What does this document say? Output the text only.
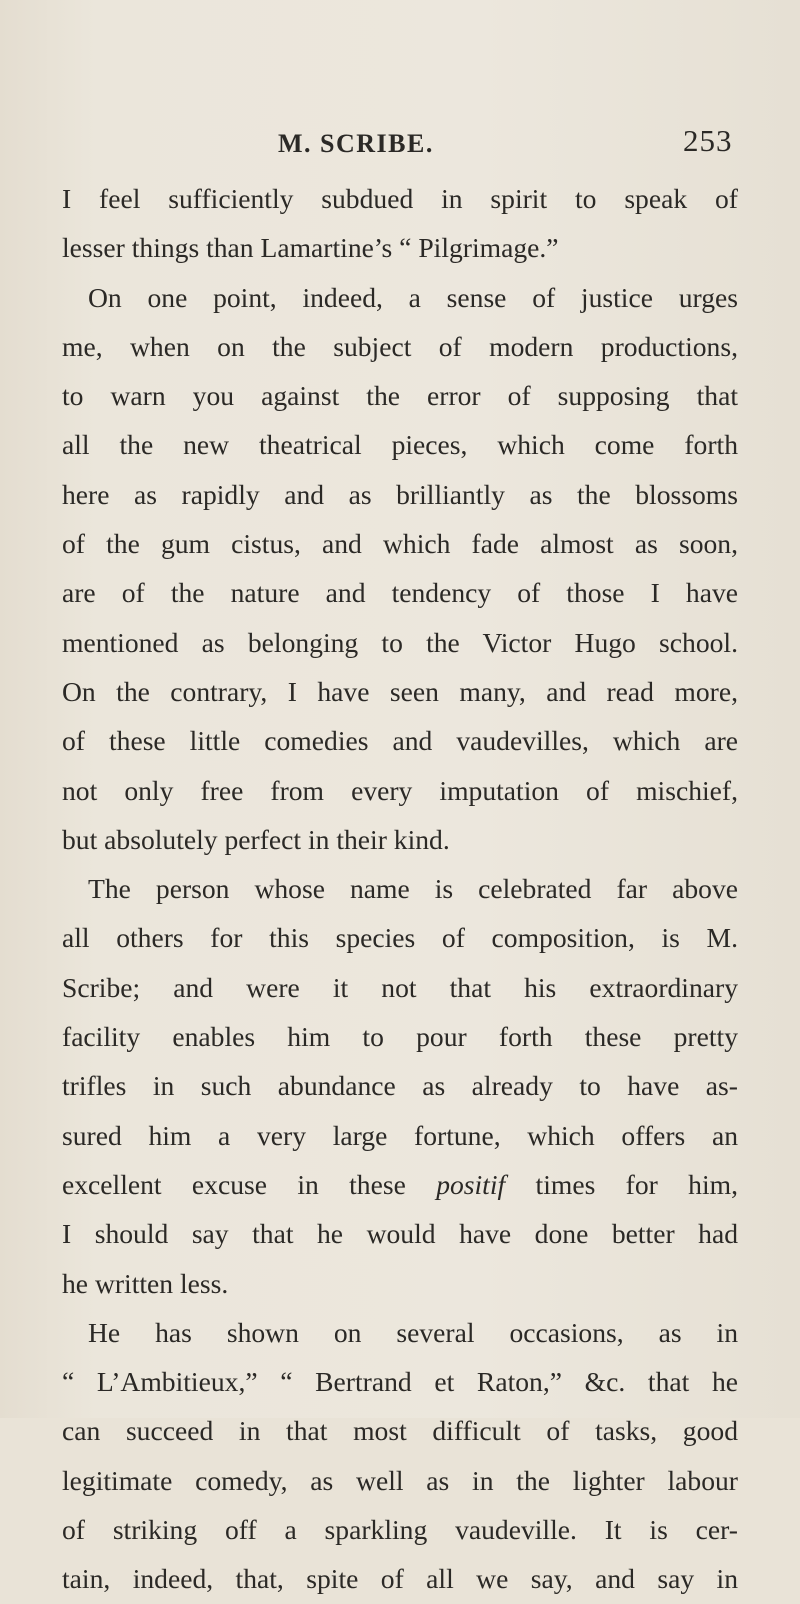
M. SCRIBE.	253
I feel sufficiently subdued in spirit to speak of
lesser things than Lamartine’s “ Pilgrimage.”
On one point, indeed, a sense of justice urges
me, when on the subject of modern productions,
to warn you against the error of supposing that
all the new theatrical pieces, which come forth
here as rapidly and as brilliantly as the blossoms
of the gum cistus, and which fade almost as soon,
are of the nature and tendency of those I have
mentioned as belonging to the Victor Hugo school.
On the contrary, I have seen many, and read more,
of these little comedies and vaudevilles, which are
not only free from every imputation of mischief,
but absolutely perfect in their kind.
The person whose name is celebrated far above
all others for this species of composition, is M.
Scribe; and were it not that his extraordinary
facility enables him to pour forth these pretty
trifles in such abundance as already to have as-
sured him a very large fortune, which offers an
excellent excuse in these positif times for him,
I should say that he would have done better had
he written less.
He has shown on several occasions, as in
“ L’Ambitieux,” “ Bertrand et Raton,” &c. that he
can succeed in that most difficult of tasks, good
legitimate comedy, as well as in the lighter labour
of striking off a sparkling vaudeville. It is cer-
tain, indeed, that, spite of all we say, and say in
